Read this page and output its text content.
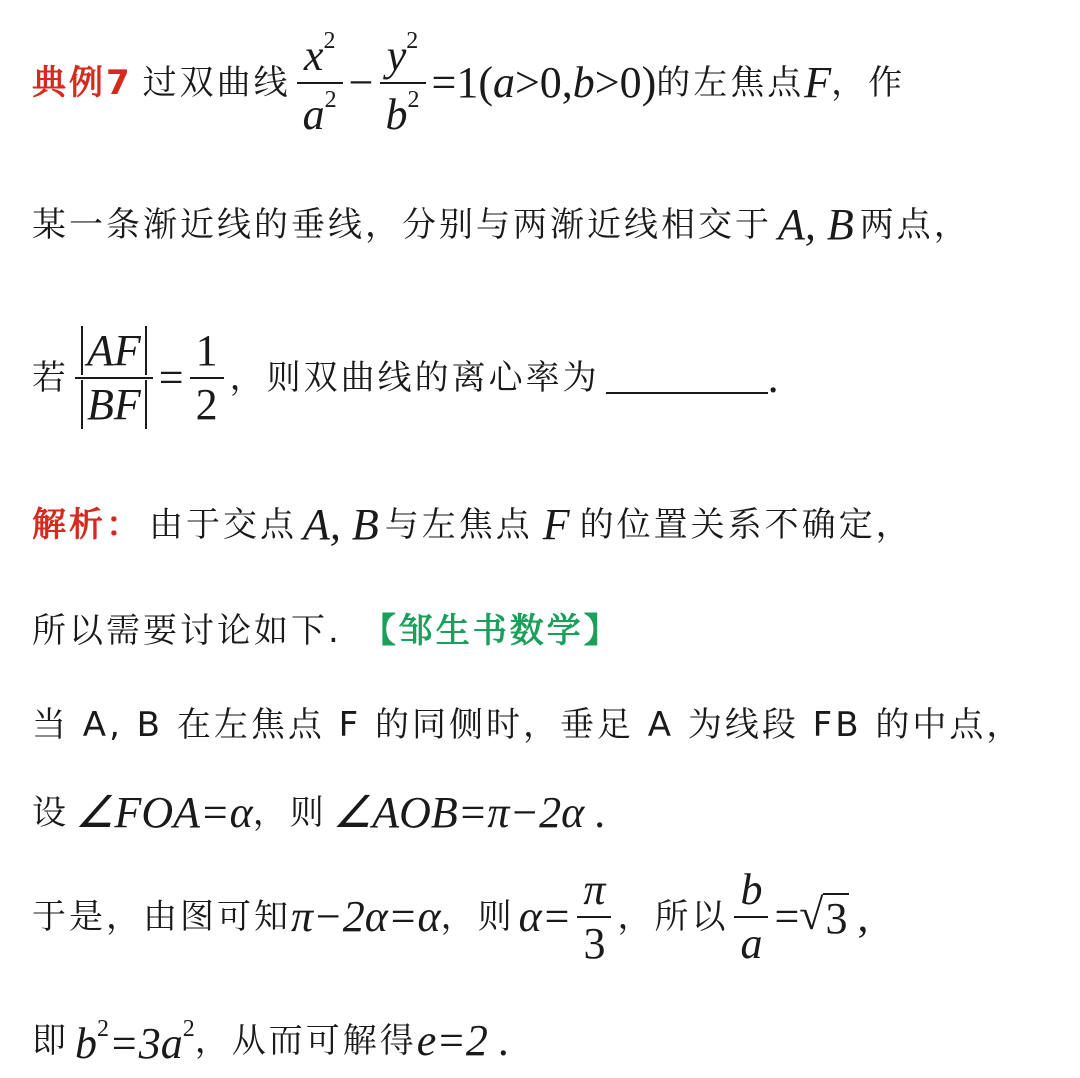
典例7 过双曲线 $\frac{x^2}{a^2} - \frac{y^2}{b^2} =1(a>0,b>0)$ 的左焦点 F ，作
某一条渐近线的垂线，分别与两渐近线相交于 A, B 两点，
若 $\frac{AF}{BF} = \frac{1}{2}$ ，则双曲线的离心率为	.
解析： 由于交点 A, B 与左焦点 F 的位置关系不确定，
所以需要讨论如下. 【邹生书数学】
当 A, B 在左焦点 F 的同侧时，垂足 A 为线段 FB 的中点，
设 ∠FOA=α ，则 ∠AOB=π−2α .
于是，由图可知 π−2α=α ，则 $\alpha= \frac{\pi}{3}$ ，所以 $\frac{b}{a}$ = √ 3 ,
即 $b^2=3a^2$ ，从而可解得 e=2 .
